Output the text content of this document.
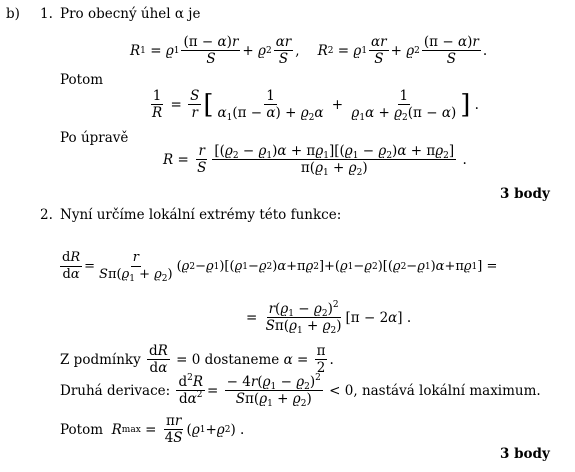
b) 1. Pro obecný úhel α je
R 1 = ϱ $1 \frac{(\pi - \alpha)r}{S} + ϱ$ $2 \frac{\alpha r}{S}$ , R 2 = ϱ $1 \frac{\alpha r}{S} + ϱ$ $2 \frac{(\pi - \alpha)r}{S}$ .
Potom
$\frac{1}{R} = \frac{S}{r}$ [ $\frac{1}{\alpha_1(\pi - \alpha) + ϱ_2\alpha} + \frac{1}{ϱ_1\alpha + ϱ_2(\pi - \alpha)}$ ] .
Po úpravě
$R = \frac{r}{S} \frac{[(ϱ_2 - ϱ_1)\alpha + \pi ϱ_1][(ϱ_1 - ϱ_2)\alpha + \pi ϱ_2]}{\pi(ϱ_1 + ϱ_2)}$ .
3 body
2. Nyní určíme lokální extrémy této funkce:
$\frac{dR}{d\alpha} = \frac{r}{S\pi(ϱ_1 + ϱ_2)}$ ( ϱ 2 − ϱ 1 )[( ϱ 1 − ϱ 2 ) α +π ϱ 2 ]+( ϱ 1 − ϱ 2 )[( ϱ 2 − ϱ 1 ) α +π ϱ 1 ] =
= $\frac{r(ϱ_1 - ϱ_2)^2}{S\pi(ϱ_1 + ϱ_2)} [\pi - 2$ α ] .
Z podmínky
$\frac{dR}{d\alpha} = 0$ dostaneme
$\alpha = \frac{\pi}{2}$ .
Druhá derivace:
$\frac{d^2R}{d\alpha^2} = \frac{- 4r(ϱ_1 - ϱ_2)^2}{S\pi(ϱ_1 + ϱ_2)} < 0$ , nastává lokální maximum.
Potom
R $\max = \frac{\pi r}{4S}$ ( ϱ 1 + ϱ 2 ) .
3 body
